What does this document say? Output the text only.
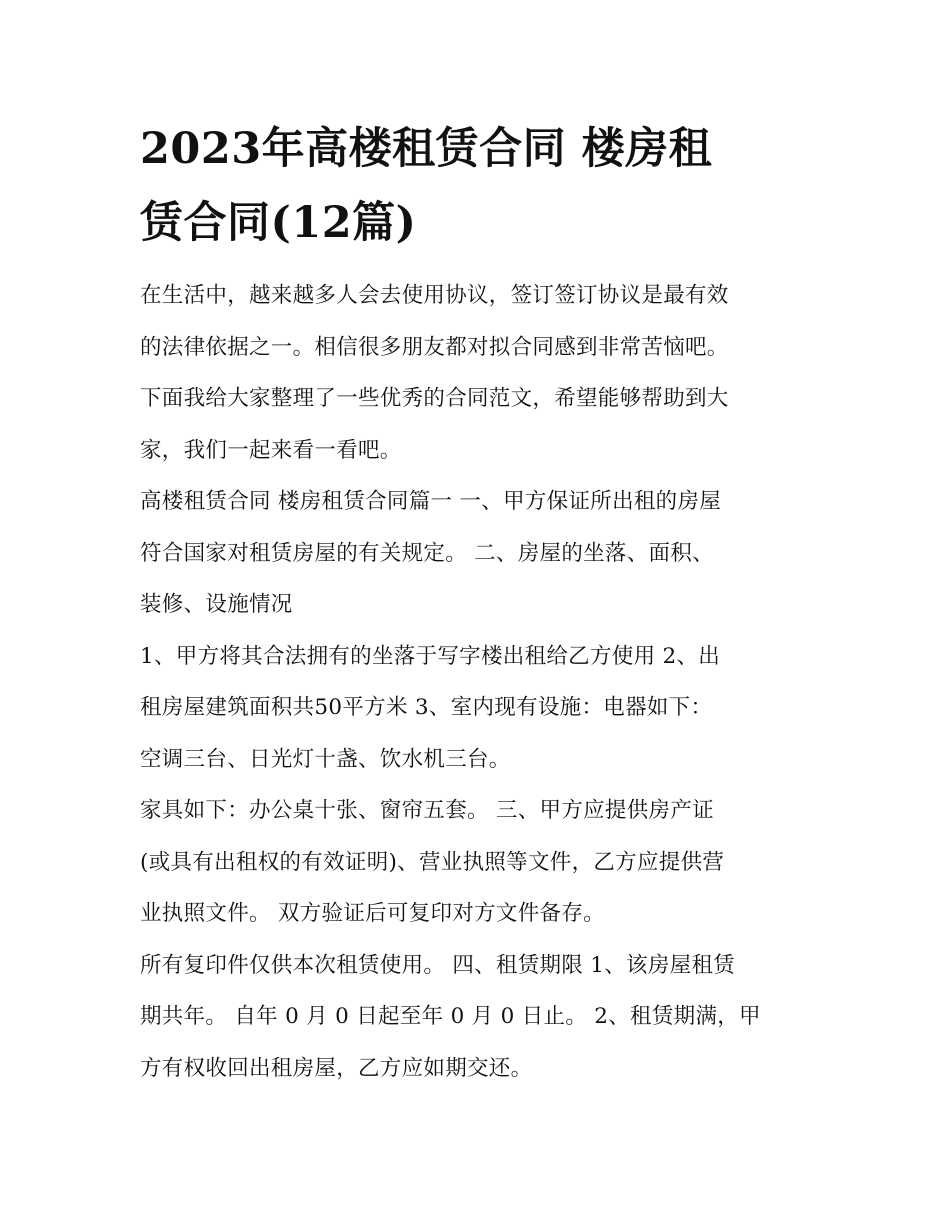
2023年高楼租赁合同 楼房租
赁合同(12篇)

在生活中，越来越多人会去使用协议，签订签订协议是最有效
的法律依据之一。相信很多朋友都对拟合同感到非常苦恼吧。
下面我给大家整理了一些优秀的合同范文，希望能够帮助到大
家，我们一起来看一看吧。

高楼租赁合同 楼房租赁合同篇一 一、甲方保证所出租的房屋
符合国家对租赁房屋的有关规定。 二、房屋的坐落、面积、
装修、设施情况

1、甲方将其合法拥有的坐落于写字楼出租给乙方使用 2、出
租房屋建筑面积共50平方米 3、室内现有设施：电器如下：
空调三台、日光灯十盏、饮水机三台。

家具如下：办公桌十张、窗帘五套。 三、甲方应提供房产证
(或具有出租权的有效证明)、营业执照等文件，乙方应提供营
业执照文件。 双方验证后可复印对方文件备存。

所有复印件仅供本次租赁使用。 四、租赁期限 1、该房屋租赁
期共年。 自年 0 月 0 日起至年 0 月 0 日止。 2、租赁期满，甲
方有权收回出租房屋，乙方应如期交还。
